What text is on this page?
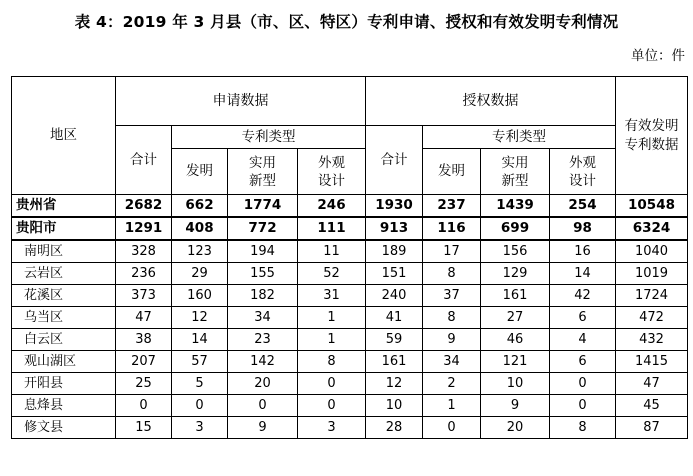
表 4：2019 年 3 月县（市、区、特区）专利申请、授权和有效发明专利情况
单位：件
地区	申请数据				授权数据				有效发明专利数据

	合计	专利类型			合计	专利类型			
		发明	实用新型	外观设计		发明	实用新型	外观设计	
贵州省	2682	662	1774	246	1930	237	1439	254	10548
贵阳市	1291	408	772	111	913	116	699	98	6324
南明区	328	123	194	11	189	17	156	16	1040
云岩区	236	29	155	52	151	8	129	14	1019
花溪区	373	160	182	31	240	37	161	42	1724
乌当区	47	12	34	1	41	8	27	6	472
白云区	38	14	23	1	59	9	46	4	432
观山湖区	207	57	142	8	161	34	121	6	1415
开阳县	25	5	20	0	12	2	10	0	47
息烽县	0	0	0	0	10	1	9	0	45
修文县	15	3	9	3	28	0	20	8	87
